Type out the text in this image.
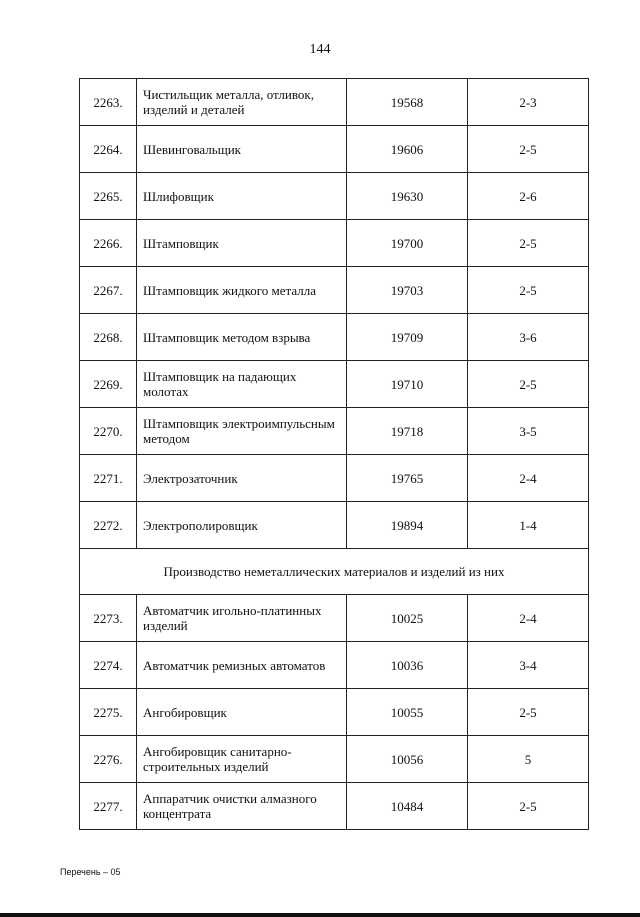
144
2263.	Чистильщик металла, отливок, изделий и деталей	19568	2-3
2264.	Шевинговальщик	19606	2-5
2265.	Шлифовщик	19630	2-6
2266.	Штамповщик	19700	2-5
2267.	Штамповщик жидкого металла	19703	2-5
2268.	Штамповщик методом взрыва	19709	3-6
2269.	Штамповщик на падающих молотах	19710	2-5
2270.	Штамповщик электроимпульсным методом	19718	3-5
2271.	Электрозаточник	19765	2-4
2272.	Электрополировщик	19894	1-4
Производство неметаллических материалов и изделий из них			
2273.	Автоматчик игольно-платинных изделий	10025	2-4
2274.	Автоматчик ремизных автоматов	10036	3-4
2275.	Ангобировщик	10055	2-5
2276.	Ангобировщик санитарно-строительных изделий	10056	5
2277.	Аппаратчик очистки алмазного концентрата	10484	2-5
Перечень – 05
